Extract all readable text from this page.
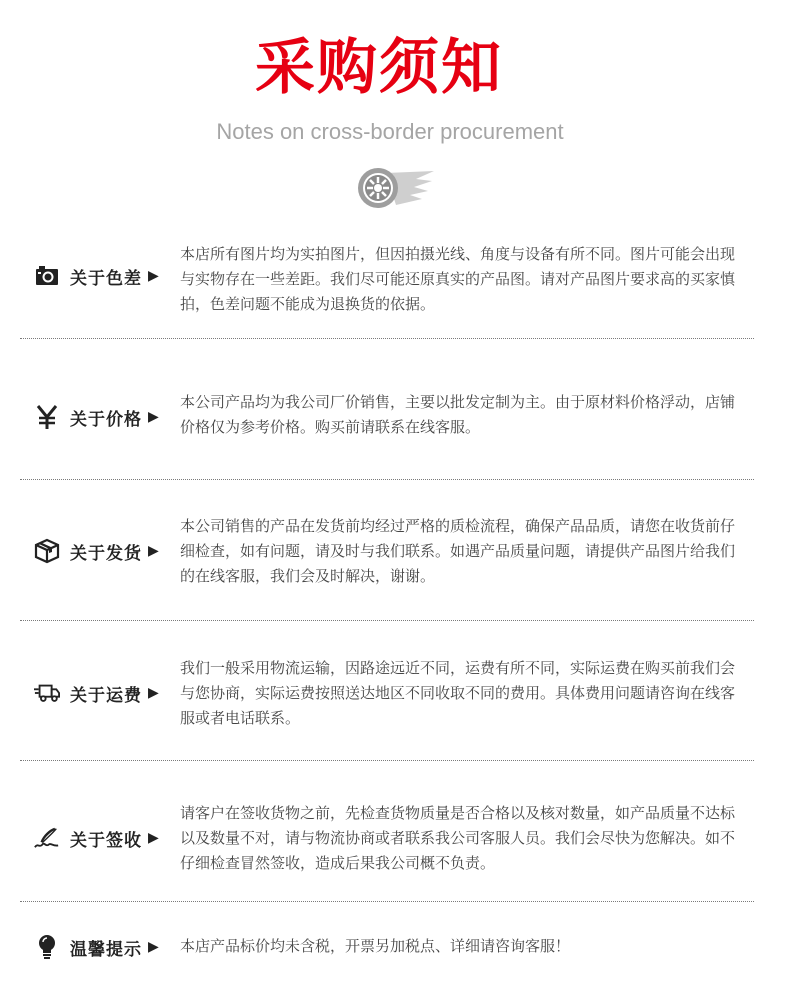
采购须知
Notes on cross-border procurement
关于色差 ▶
本店所有图片均为实拍图片，但因拍摄光线、角度与设备有所不同。图片可能会出现与实物存在一些差距。我们尽可能还原真实的产品图。请对产品图片要求高的买家慎拍，色差问题不能成为退换货的依据。
关于价格 ▶
本公司产品均为我公司厂价销售，主要以批发定制为主。由于原材料价格浮动，店铺价格仅为参考价格。购买前请联系在线客服。
关于发货 ▶
本公司销售的产品在发货前均经过严格的质检流程，确保产品品质，请您在收货前仔细检查，如有问题，请及时与我们联系。如遇产品质量问题，请提供产品图片给我们的在线客服，我们会及时解决，谢谢。
关于运费 ▶
我们一般采用物流运输，因路途远近不同，运费有所不同，实际运费在购买前我们会与您协商，实际运费按照送达地区不同收取不同的费用。具体费用问题请咨询在线客服或者电话联系。
关于签收 ▶
请客户在签收货物之前，先检查货物质量是否合格以及核对数量，如产品质量不达标以及数量不对，请与物流协商或者联系我公司客服人员。我们会尽快为您解决。如不仔细检查冒然签收，造成后果我公司概不负责。
温馨提示 ▶ 本店产品标价均未含税，开票另加税点、详细请咨询客服！
